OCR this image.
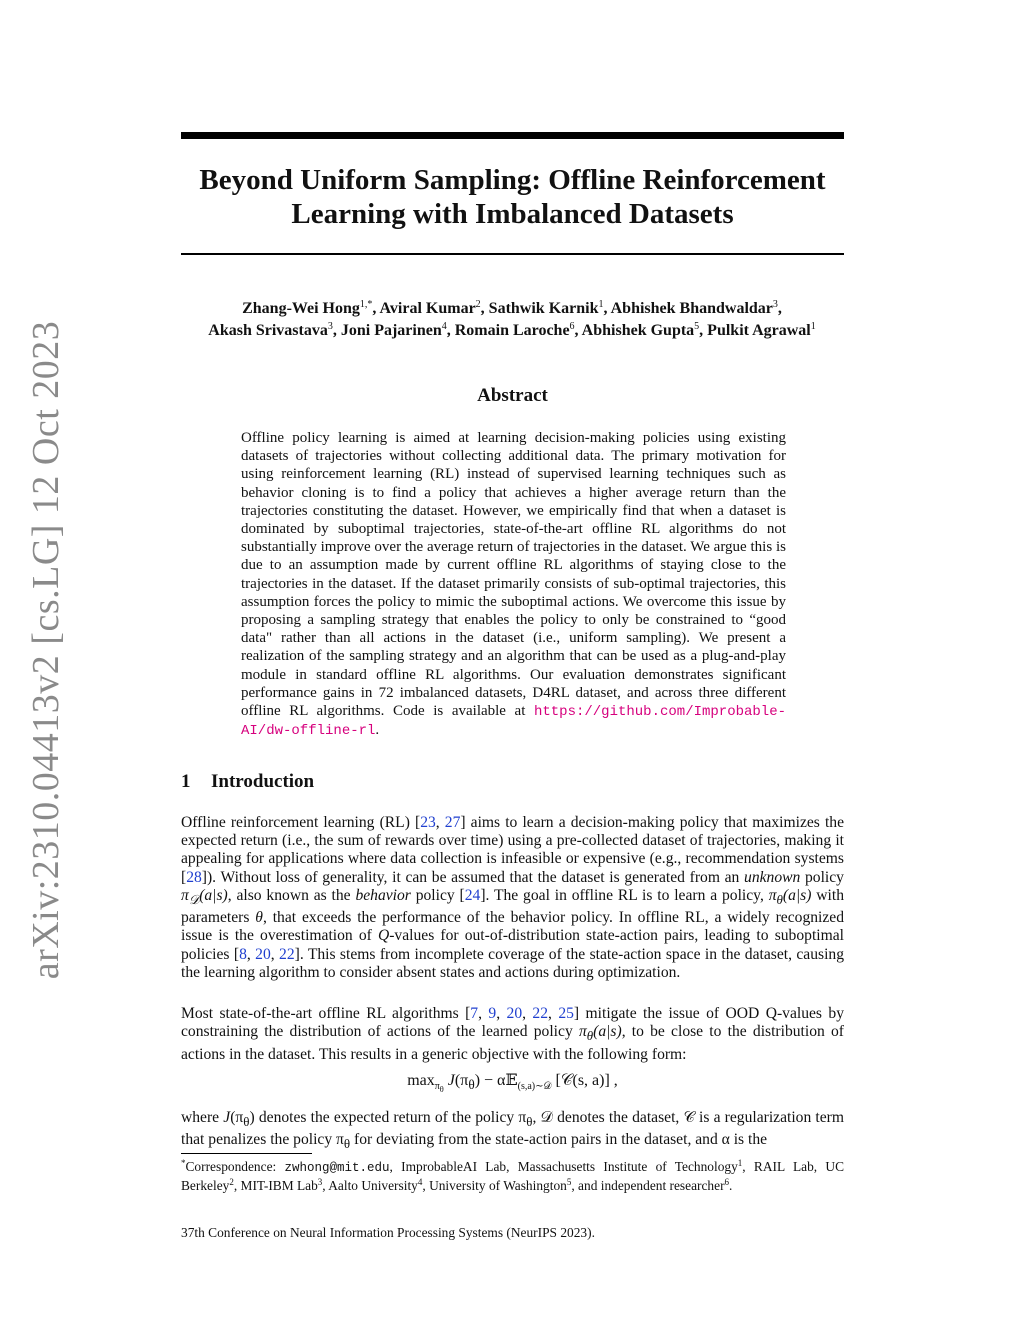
arXiv:2310.04413v2 [cs.LG] 12 Oct 2023
Beyond Uniform Sampling: Offline Reinforcement
Learning with Imbalanced Datasets
Zhang-Wei Hong$^{1,*}$, Aviral Kumar$^2$, Sathwik Karnik$^1$, Abhishek Bhandwaldar$^3$,
Akash Srivastava$^3$, Joni Pajarinen$^4$, Romain Laroche$^6$, Abhishek Gupta$^5$, Pulkit Agrawal$^1$
Abstract

Offline policy learning is aimed at learning decision-making policies using existing datasets of trajectories without collecting additional data. The primary motivation for using reinforcement learning (RL) instead of supervised learning techniques such as behavior cloning is to find a policy that achieves a higher average return than the trajectories constituting the dataset. However, we empirically find that when a dataset is dominated by suboptimal trajectories, state-of-the-art offline RL algorithms do not substantially improve over the average return of trajectories in the dataset. We argue this is due to an assumption made by current offline RL algorithms of staying close to the trajectories in the dataset. If the dataset primarily consists of sub-optimal trajectories, this assumption forces the policy to mimic the suboptimal actions. We overcome this issue by proposing a sampling strategy that enables the policy to only be constrained to “good data" rather than all actions in the dataset (i.e., uniform sampling). We present a realization of the sampling strategy and an algorithm that can be used as a plug-and-play module in standard offline RL algorithms. Our evaluation demonstrates significant performance gains in 72 imbalanced datasets, D4RL dataset, and across three different offline RL algorithms. Code is available at https://github.com/Improbable-AI/dw-offline-rl.

1 Introduction

Offline reinforcement learning (RL) [23, 27] aims to learn a decision-making policy that maximizes the expected return (i.e., the sum of rewards over time) using a pre-collected dataset of trajectories, making it appealing for applications where data collection is infeasible or expensive (e.g., recommendation systems [28]). Without loss of generality, it can be assumed that the dataset is generated from an unknown policy $\pi_𝒟(a|s)$, also known as the behavior policy [24]. The goal in offline RL is to learn a policy, $\pi_\theta(a|s)$ with parameters θ, that exceeds the performance of the behavior policy. In offline RL, a widely recognized issue is the overestimation of Q-values for out-of-distribution state-action pairs, leading to suboptimal policies [8, 20, 22]. This stems from incomplete coverage of the state-action space in the dataset, causing the learning algorithm to consider absent states and actions during optimization.

Most state-of-the-art offline RL algorithms [7, 9, 20, 22, 25] mitigate the issue of OOD Q-values by constraining the distribution of actions of the learned policy $\pi_\theta(a|s)$, to be close to the distribution of actions in the dataset. This results in a generic objective with the following form:

$\max_{\pi_\theta} J(\pi_\theta)$ − α𝔼$_{(s,a)\sim 𝒟}$ [𝒞(s, a)] ,

where $J(\pi_\theta)$ denotes the expected return of the policy $\pi_\theta$, 𝒟 denotes the dataset, 𝒞 is a regularization term that penalizes the policy $\pi_\theta$ for deviating from the state-action pairs in the dataset, and α is the

*Correspondence: zwhong@mit.edu, ImprobableAI Lab, Massachusetts Institute of Technology$^1$, RAIL Lab, UC Berkeley$^2$, MIT-IBM Lab$^3$, Aalto University$^4$, University of Washington$^5$, and independent researcher$^6$.

37th Conference on Neural Information Processing Systems (NeurIPS 2023).
